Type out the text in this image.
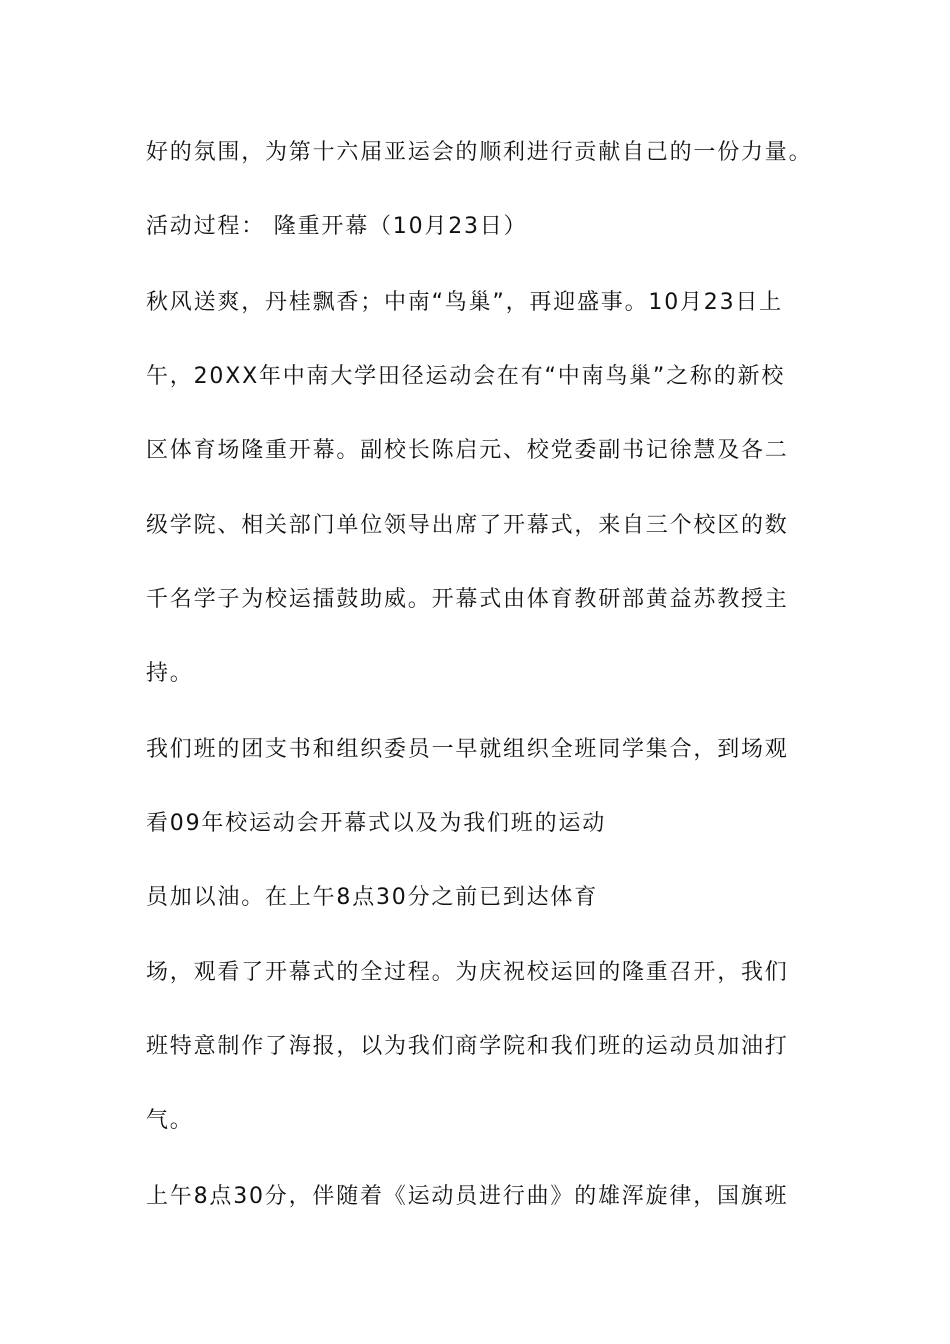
好的氛围，为第十六届亚运会的顺利进行贡献自己的一份力量。
活动过程： 隆重开幕（10月23日）
秋风送爽，丹桂飘香；中南“鸟巢”，再迎盛事。10月23日上
午，20XX年中南大学田径运动会在有“中南鸟巢”之称的新校
区体育场隆重开幕。副校长陈启元、校党委副书记徐慧及各二
级学院、相关部门单位领导出席了开幕式，来自三个校区的数
千名学子为校运擂鼓助威。开幕式由体育教研部黄益苏教授主
持。
我们班的团支书和组织委员一早就组织全班同学集合，到场观
看09年校运动会开幕式以及为我们班的运动
员加以油。在上午8点30分之前已到达体育
场，观看了开幕式的全过程。为庆祝校运回的隆重召开，我们
班特意制作了海报，以为我们商学院和我们班的运动员加油打
气。
上午8点30分，伴随着《运动员进行曲》的雄浑旋律，国旗班
